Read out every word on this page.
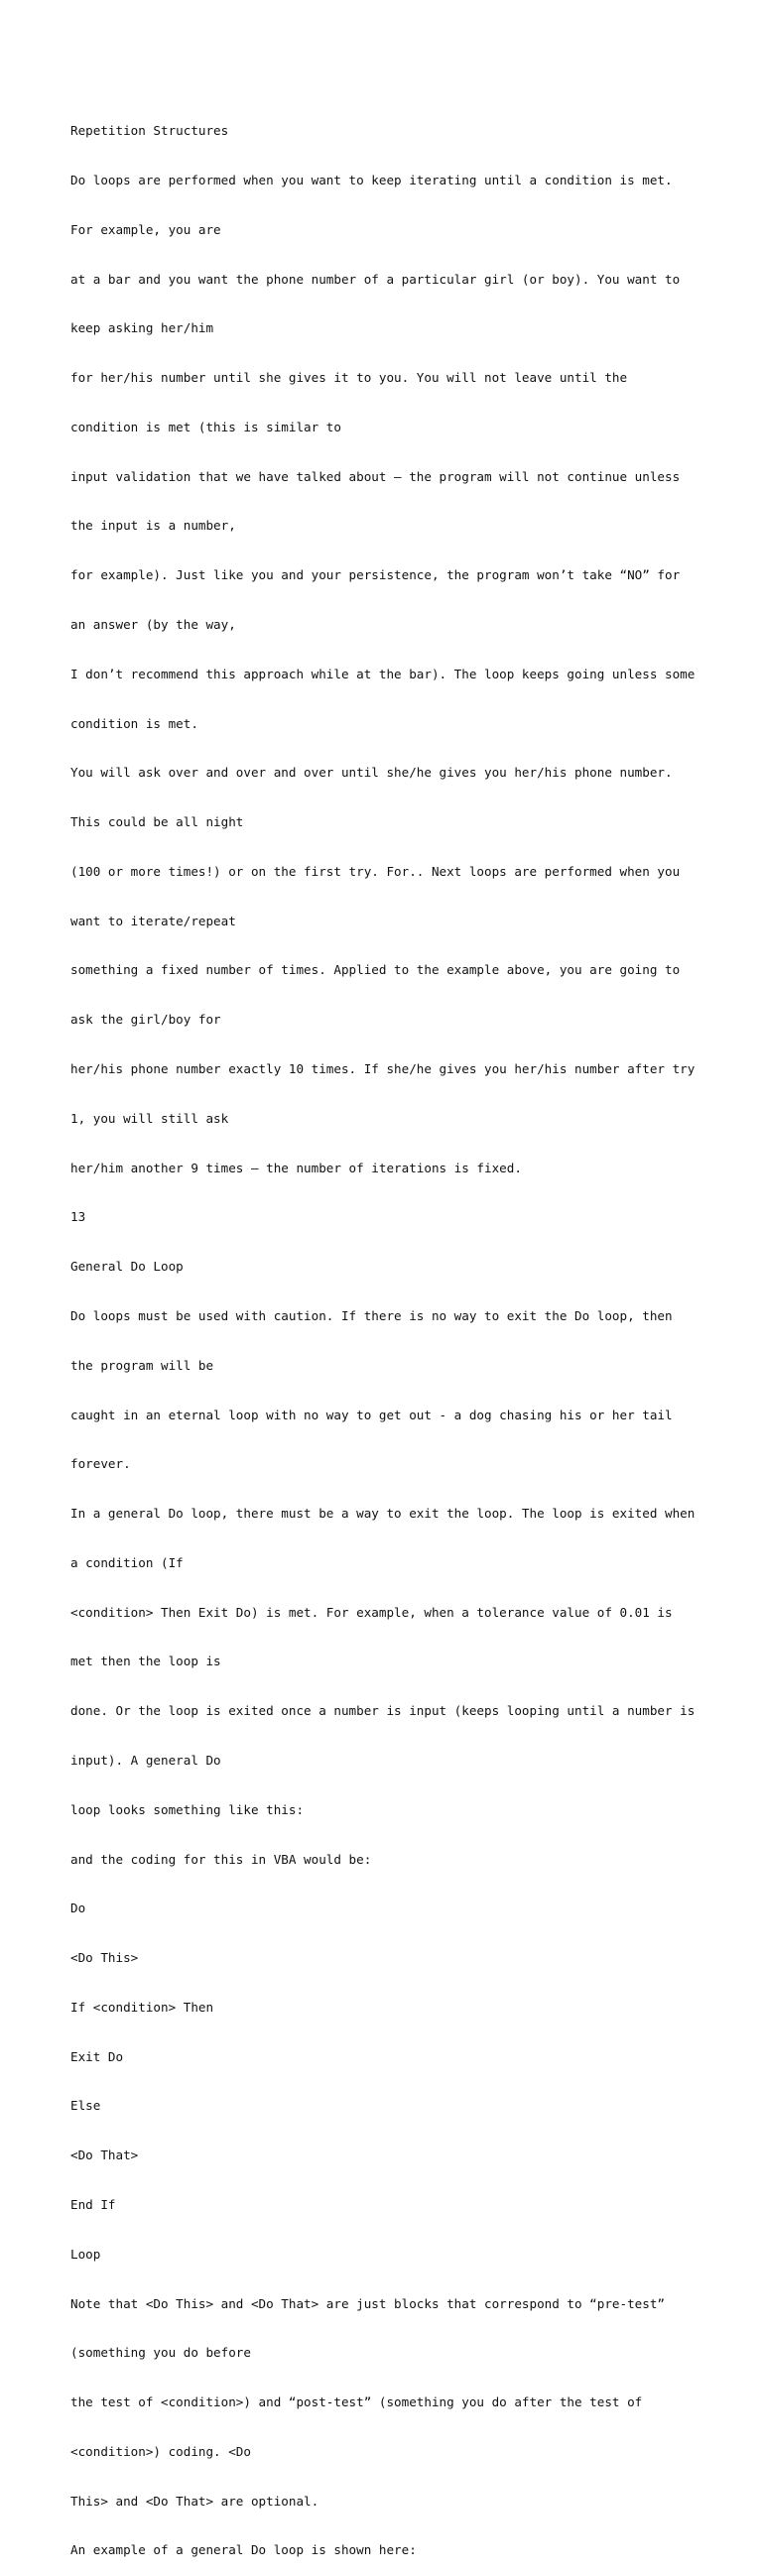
Repetition Structures

Do loops are performed when you want to keep iterating until a condition is met.

For example, you are

at a bar and you want the phone number of a particular girl (or boy). You want to

keep asking her/him

for her/his number until she gives it to you. You will not leave until the

condition is met (this is similar to

input validation that we have talked about – the program will not continue unless

the input is a number,

for example). Just like you and your persistence, the program won’t take “NO” for

an answer (by the way,

I don’t recommend this approach while at the bar). The loop keeps going unless some

condition is met.

You will ask over and over and over until she/he gives you her/his phone number.

This could be all night

(100 or more times!) or on the first try. For.. Next loops are performed when you

want to iterate/repeat

something a fixed number of times. Applied to the example above, you are going to

ask the girl/boy for

her/his phone number exactly 10 times. If she/he gives you her/his number after try

1, you will still ask

her/him another 9 times – the number of iterations is fixed.

13

General Do Loop

Do loops must be used with caution. If there is no way to exit the Do loop, then

the program will be

caught in an eternal loop with no way to get out - a dog chasing his or her tail

forever.

In a general Do loop, there must be a way to exit the loop. The loop is exited when

a condition (If

<condition> Then Exit Do) is met. For example, when a tolerance value of 0.01 is

met then the loop is

done. Or the loop is exited once a number is input (keeps looping until a number is

input). A general Do

loop looks something like this:

and the coding for this in VBA would be:

Do

<Do This>

If <condition> Then

Exit Do

Else

<Do That>

End If

Loop

Note that <Do This> and <Do That> are just blocks that correspond to “pre-test”

(something you do before

the test of <condition>) and “post-test” (something you do after the test of

<condition>) coding. <Do

This> and <Do That> are optional.

An example of a general Do loop is shown here:
